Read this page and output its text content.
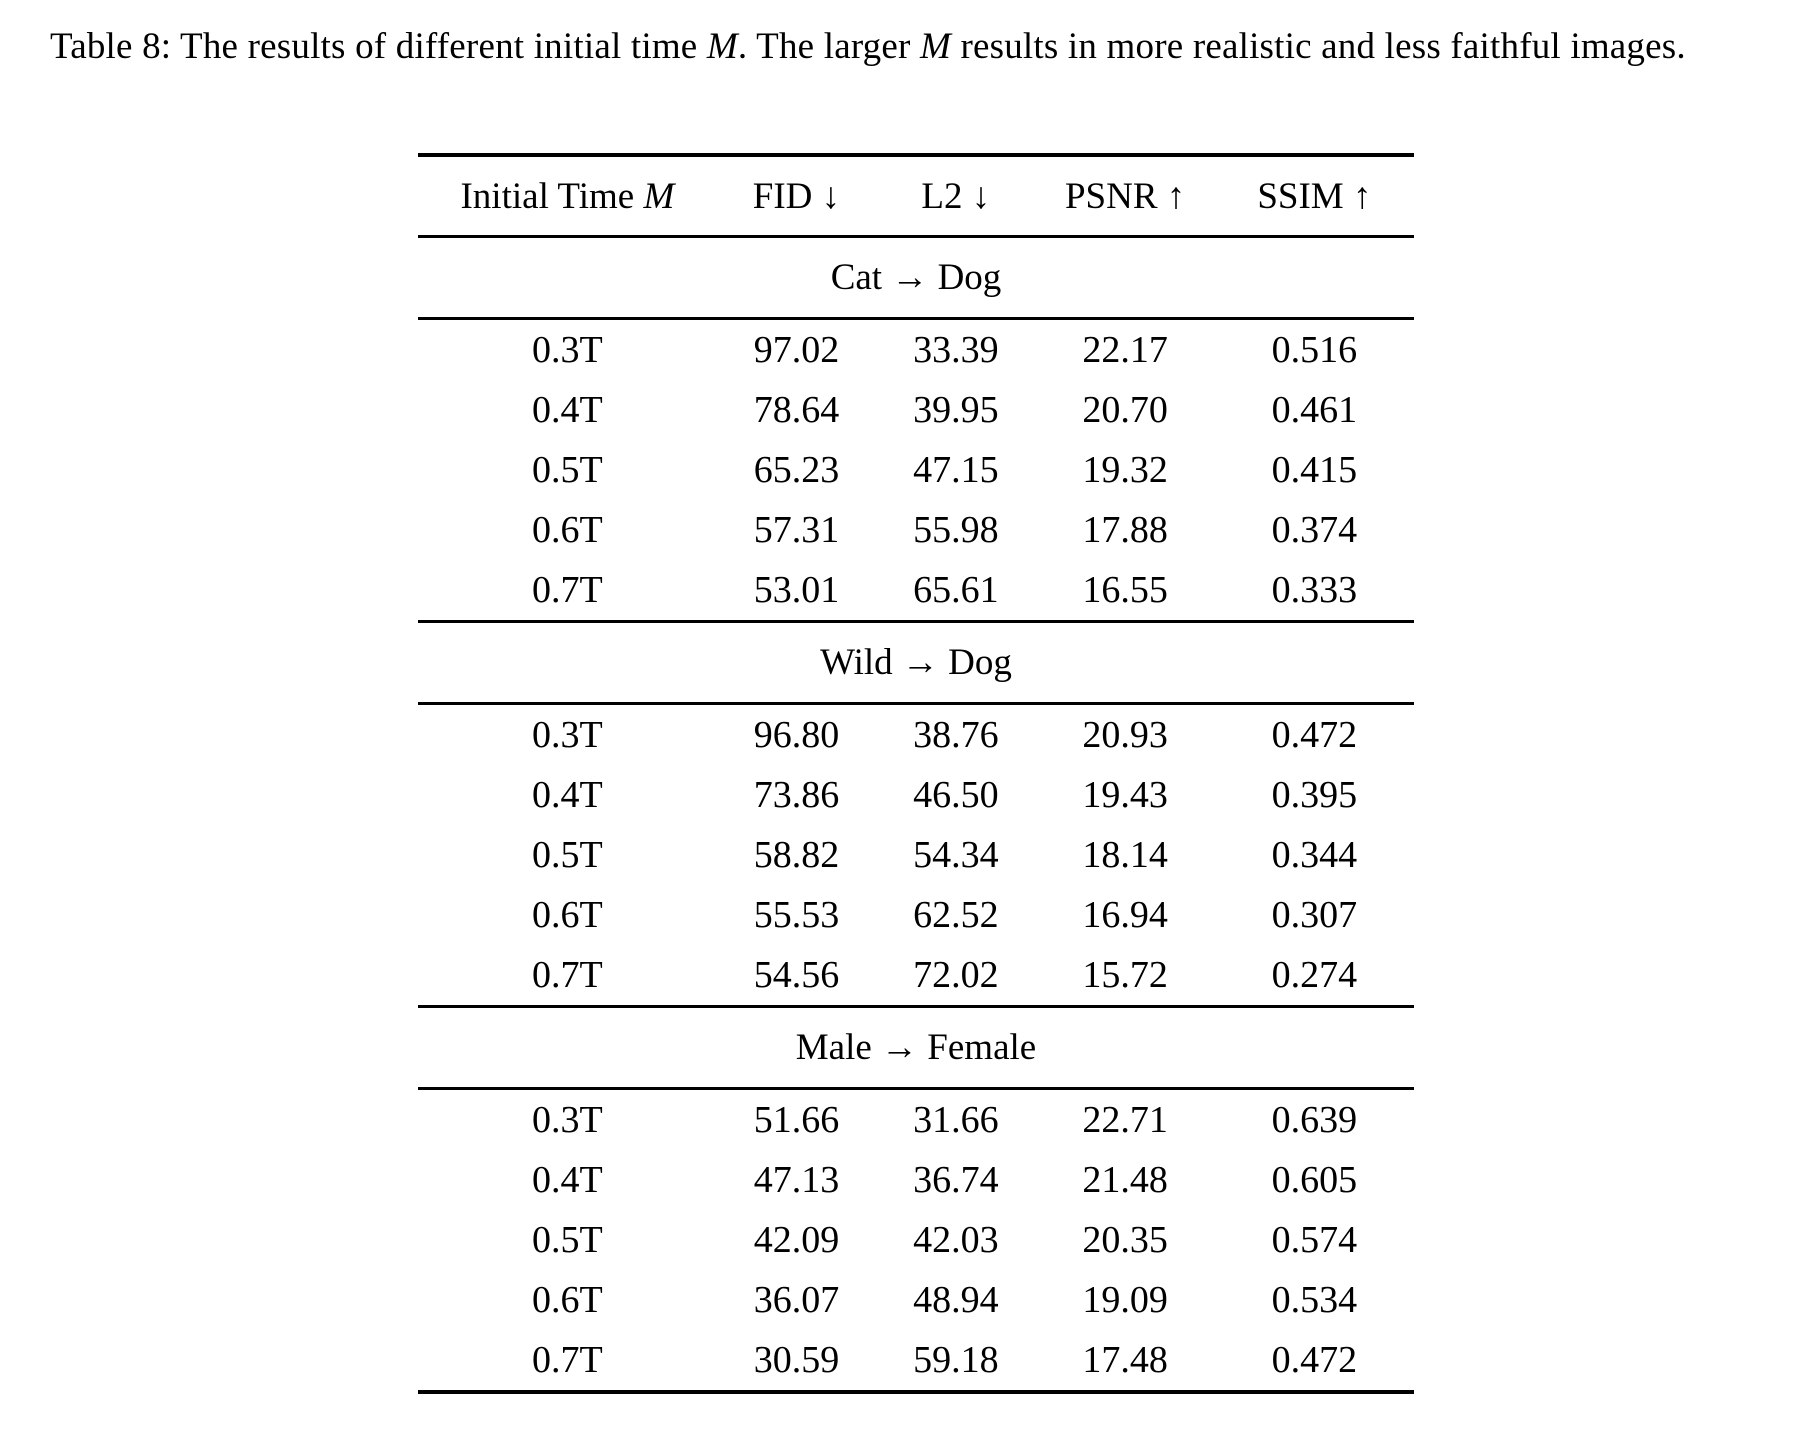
Table 8: The results of different initial time M. The larger M results in more realistic and less faithful images.

Initial Time M	FID ↓	L2 ↓	PSNR ↑	SSIM ↑
Cat → Dog				
0.3T	97.02	33.39	22.17	0.516
0.4T	78.64	39.95	20.70	0.461
0.5T	65.23	47.15	19.32	0.415
0.6T	57.31	55.98	17.88	0.374
0.7T	53.01	65.61	16.55	0.333
Wild → Dog				
0.3T	96.80	38.76	20.93	0.472
0.4T	73.86	46.50	19.43	0.395
0.5T	58.82	54.34	18.14	0.344
0.6T	55.53	62.52	16.94	0.307
0.7T	54.56	72.02	15.72	0.274
Male → Female				
0.3T	51.66	31.66	22.71	0.639
0.4T	47.13	36.74	21.48	0.605
0.5T	42.09	42.03	20.35	0.574
0.6T	36.07	48.94	19.09	0.534
0.7T	30.59	59.18	17.48	0.472
